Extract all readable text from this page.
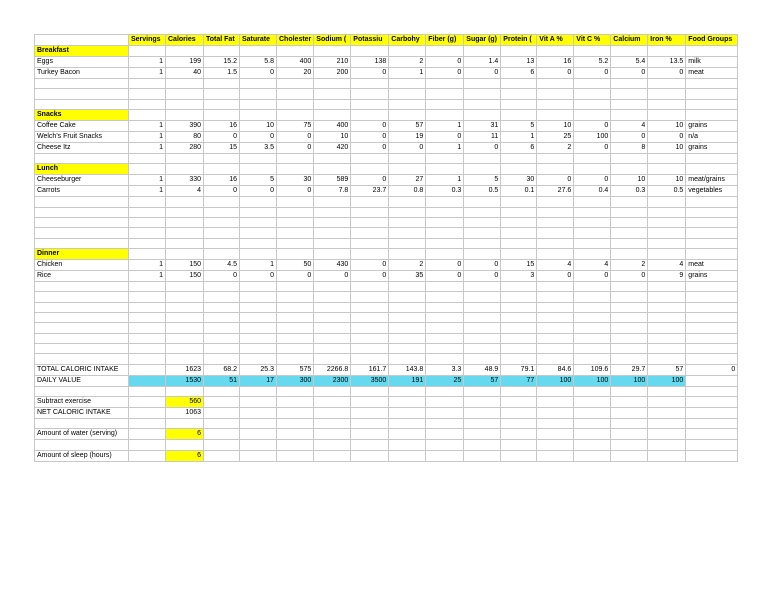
	Servings	Calories	Total Fat	Saturate	Cholester	Sodium (	Potassiu	Carbohy	Fiber (g)	Sugar (g)	Protein (	Vit A %	Vit C %	Calcium	Iron %	Food Groups
Breakfast																
Eggs	1	199	15.2	5.8	400	210	138	2	0	1.4	13	16	5.2	5.4	13.5	milk
Turkey Bacon	1	40	1.5	0	20	200	0	1	0	0	6	0	0	0	0	meat

Snacks																
Coffee Cake	1	390	16	10	75	400	0	57	1	31	5	10	0	4	10	grains
Welch's Fruit Snacks	1	80	0	0	0	10	0	19	0	11	1	25	100	0	0	n/a
Cheese Itz	1	280	15	3.5	0	420	0	0	1	0	6	2	0	8	10	grains

Lunch																
Cheeseburger	1	330	16	5	30	589	0	27	1	5	30	0	0	10	10	meat/grains
Carrots	1	4	0	0	0	7.8	23.7	0.8	0.3	0.5	0.1	27.6	0.4	0.3	0.5	vegetables

Dinner																
Chicken	1	150	4.5	1	50	430	0	2	0	0	15	4	4	2	4	meat
Rice	1	150	0	0	0	0	0	35	0	0	3	0	0	0	9	grains

TOTAL CALORIC INTAKE		1623	68.2	25.3	575	2266.8	161.7	143.8	3.3	48.9	79.1	84.6	109.6	29.7	57	0
DAILY VALUE		1530	51	17	300	2300	3500	191	25	57	77	100	100	100	100	

Subtract exercise		560														
NET CALORIC INTAKE		1063														

Amount of water (serving)		6														

Amount of sleep (hours)		6														
